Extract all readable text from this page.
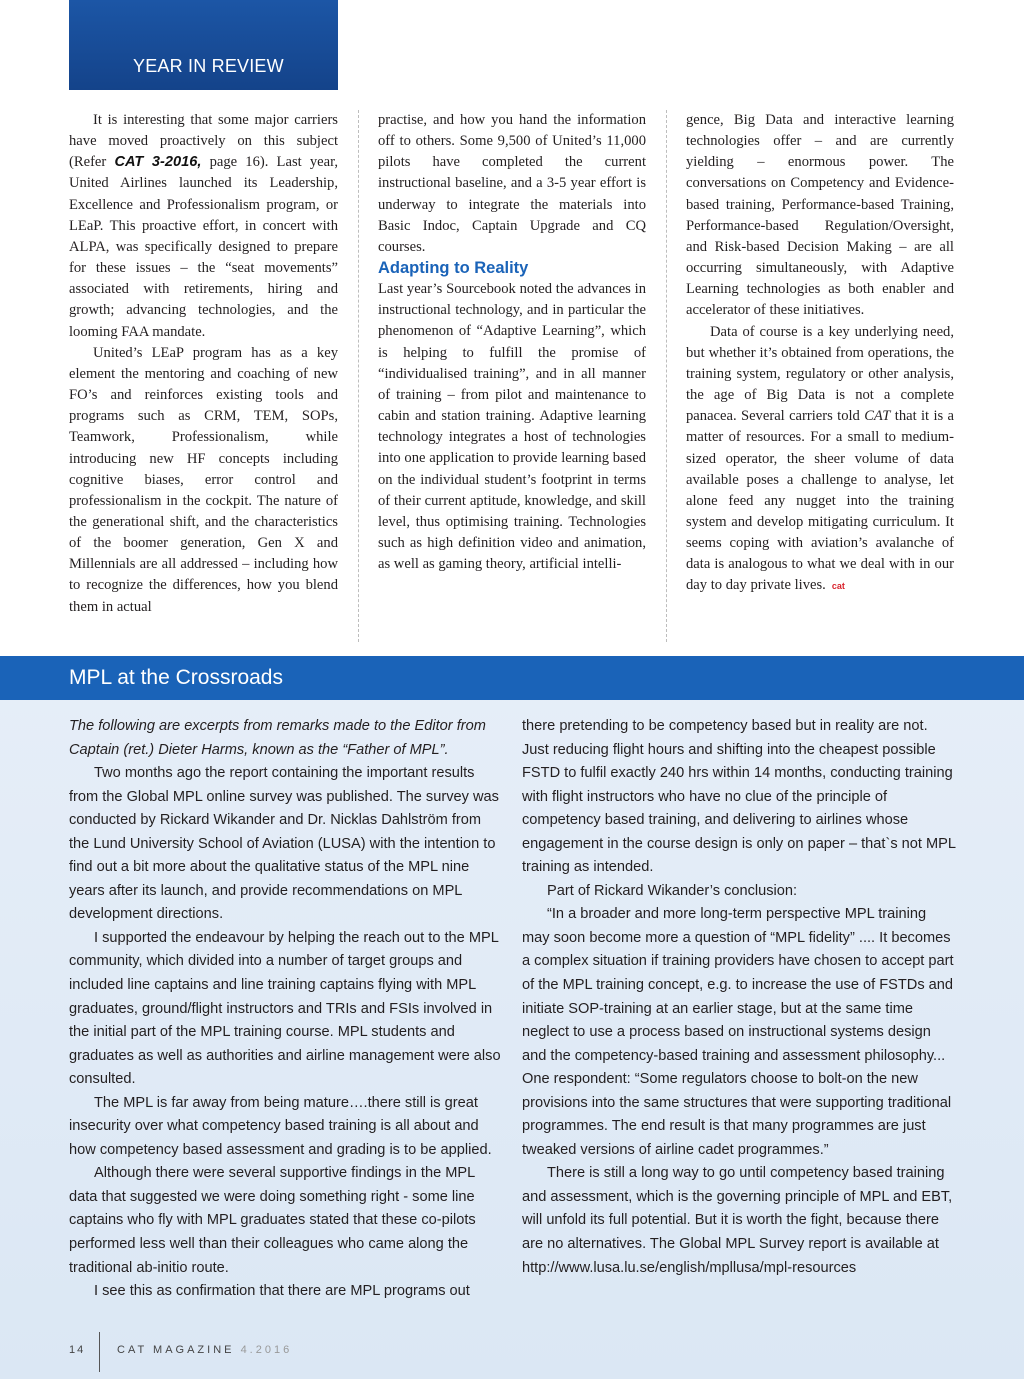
YEAR IN REVIEW

It is interesting that some major carriers have moved proactively on this subject (Refer CAT 3-2016, page 16). Last year, United Airlines launched its Leadership, Excellence and Professionalism program, or LEaP. This proactive effort, in concert with ALPA, was specifically designed to prepare for these issues – the “seat movements” associated with retirements, hiring and growth; advancing technologies, and the looming FAA mandate.

United’s LEaP program has as a key element the mentoring and coaching of new FO’s and reinforces existing tools and programs such as CRM, TEM, SOPs, Teamwork, Professionalism, while introducing new HF concepts including cognitive biases, error control and professionalism in the cockpit. The nature of the generational shift, and the characteristics of the boomer generation, Gen X and Millennials are all addressed – including how to recognize the differences, how you blend them in actual

practise, and how you hand the information off to others. Some 9,500 of United’s 11,000 pilots have completed the current instructional baseline, and a 3-5 year effort is underway to integrate the materials into Basic Indoc, Captain Upgrade and CQ courses.

Adapting to Reality

Last year’s Sourcebook noted the advances in instructional technology, and in particular the phenomenon of “Adaptive Learning”, which is helping to fulfill the promise of “individualised training”, and in all manner of training – from pilot and maintenance to cabin and station training. Adaptive learning technology integrates a host of technologies into one application to provide learning based on the individual student’s footprint in terms of their current aptitude, knowledge, and skill level, thus optimising training. Technologies such as high definition video and animation, as well as gaming theory, artificial intelli-

gence, Big Data and interactive learning technologies offer – and are currently yielding – enormous power. The conversations on Competency and Evidence-based training, Performance-based Training, Performance-based Regulation/Oversight, and Risk-based Decision Making – are all occurring simultaneously, with Adaptive Learning technologies as both enabler and accelerator of these initiatives.

Data of course is a key underlying need, but whether it’s obtained from operations, the training system, regulatory or other analysis, the age of Big Data is not a complete panacea. Several carriers told CAT that it is a matter of resources. For a small to medium-sized operator, the sheer volume of data available poses a challenge to analyse, let alone feed any nugget into the training system and develop mitigating curriculum. It seems coping with aviation’s avalanche of data is analogous to what we deal with in our day to day private lives. cat

MPL at the Crossroads

The following are excerpts from remarks made to the Editor from Captain (ret.) Dieter Harms, known as the “Father of MPL”.

Two months ago the report containing the important results from the Global MPL online survey was published. The survey was conducted by Rickard Wikander and Dr. Nicklas Dahlström from the Lund University School of Aviation (LUSA) with the intention to find out a bit more about the qualitative status of the MPL nine years after its launch, and provide recommendations on MPL development directions.

I supported the endeavour by helping the reach out to the MPL community, which divided into a number of target groups and included line captains and line training captains flying with MPL graduates, ground/flight instructors and TRIs and FSIs involved in the initial part of the MPL training course. MPL students and graduates as well as authorities and airline management were also consulted.

The MPL is far away from being mature….there still is great insecurity over what competency based training is all about and how competency based assessment and grading is to be applied.

Although there were several supportive findings in the MPL data that suggested we were doing something right - some line captains who fly with MPL graduates stated that these co-pilots performed less well than their colleagues who came along the traditional ab-initio route.

I see this as confirmation that there are MPL programs out

there pretending to be competency based but in reality are not. Just reducing flight hours and shifting into the cheapest possible FSTD to fulfil exactly 240 hrs within 14 months, conducting training with flight instructors who have no clue of the principle of competency based training, and delivering to airlines whose engagement in the course design is only on paper – that`s not MPL training as intended.

Part of Rickard Wikander’s conclusion:

“In a broader and more long-term perspective MPL training may soon become more a question of “MPL fidelity” .... It becomes a complex situation if training providers have chosen to accept part of the MPL training concept, e.g. to increase the use of FSTDs and initiate SOP-training at an earlier stage, but at the same time neglect to use a process based on instructional systems design and the competency-based training and assessment philosophy... One respondent: “Some regulators choose to bolt-on the new provisions into the same structures that were supporting traditional programmes. The end result is that many programmes are just tweaked versions of airline cadet programmes.”

There is still a long way to go until competency based training and assessment, which is the governing principle of MPL and EBT, will unfold its full potential. But it is worth the fight, because there are no alternatives. The Global MPL Survey report is available at http://www.lusa.lu.se/english/mpllusa/mpl-resources

14	CAT MAGAZINE 4.2016
